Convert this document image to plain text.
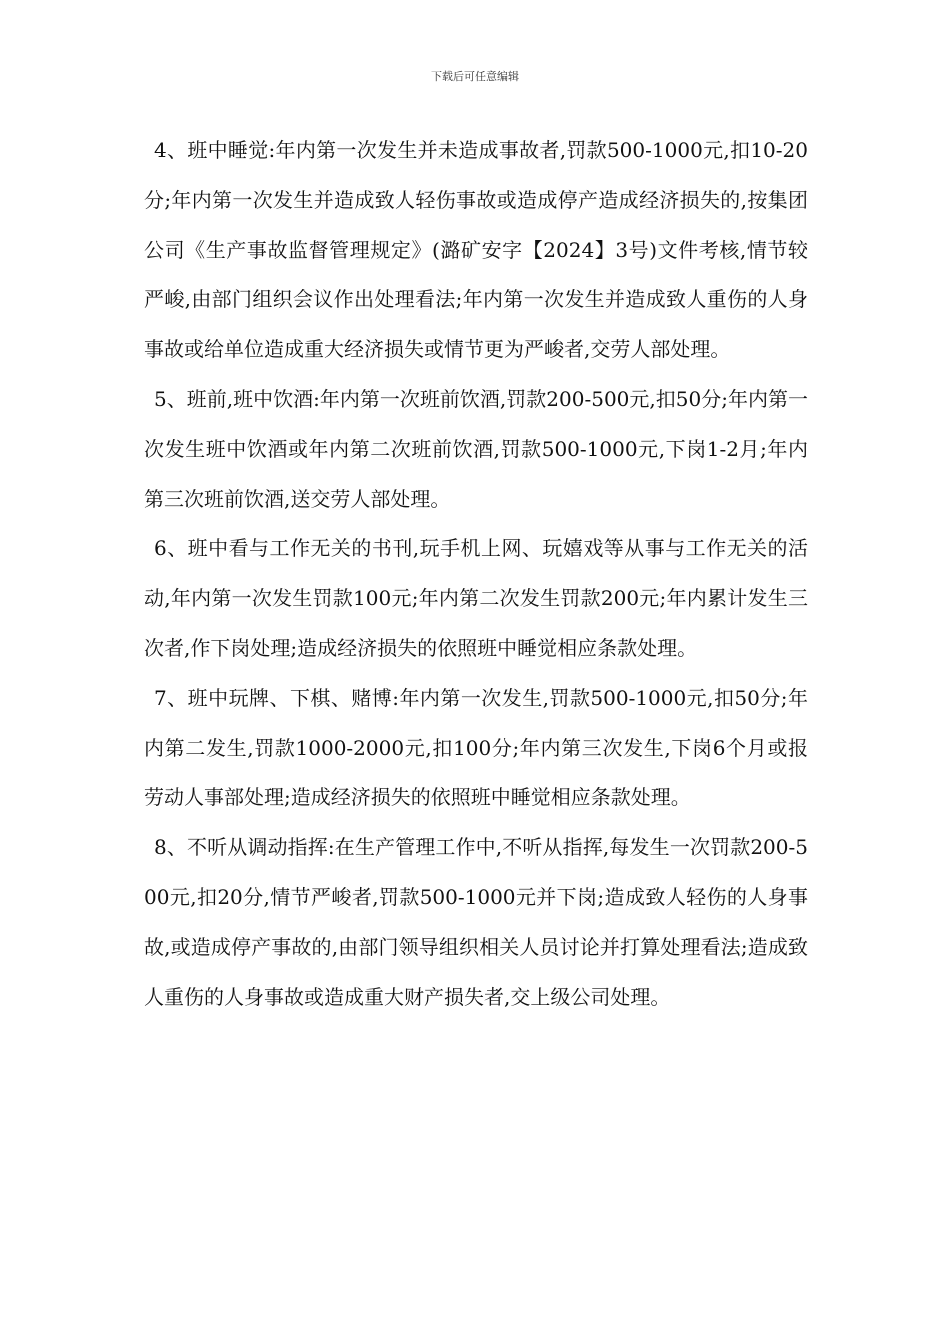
下载后可任意编辑

4、班中睡觉:年内第一次发生并未造成事故者,罚款500-1000元,扣10-20分;年内第一次发生并造成致人轻伤事故或造成停产造成经济损失的,按集团公司《生产事故监督管理规定》(潞矿安字【2024】3号)文件考核,情节较严峻,由部门组织会议作出处理看法;年内第一次发生并造成致人重伤的人身事故或给单位造成重大经济损失或情节更为严峻者,交劳人部处理。

5、班前,班中饮酒:年内第一次班前饮酒,罚款200-500元,扣50分;年内第一次发生班中饮酒或年内第二次班前饮酒,罚款500-1000元,下岗1-2月;年内第三次班前饮酒,送交劳人部处理。

6、班中看与工作无关的书刊,玩手机上网、玩嬉戏等从事与工作无关的活动,年内第一次发生罚款100元;年内第二次发生罚款200元;年内累计发生三次者,作下岗处理;造成经济损失的依照班中睡觉相应条款处理。

7、班中玩牌、下棋、赌博:年内第一次发生,罚款500-1000元,扣50分;年内第二发生,罚款1000-2000元,扣100分;年内第三次发生,下岗6个月或报劳动人事部处理;造成经济损失的依照班中睡觉相应条款处理。

8、不听从调动指挥:在生产管理工作中,不听从指挥,每发生一次罚款200-500元,扣20分,情节严峻者,罚款500-1000元并下岗;造成致人轻伤的人身事故,或造成停产事故的,由部门领导组织相关人员讨论并打算处理看法;造成致人重伤的人身事故或造成重大财产损失者,交上级公司处理。
